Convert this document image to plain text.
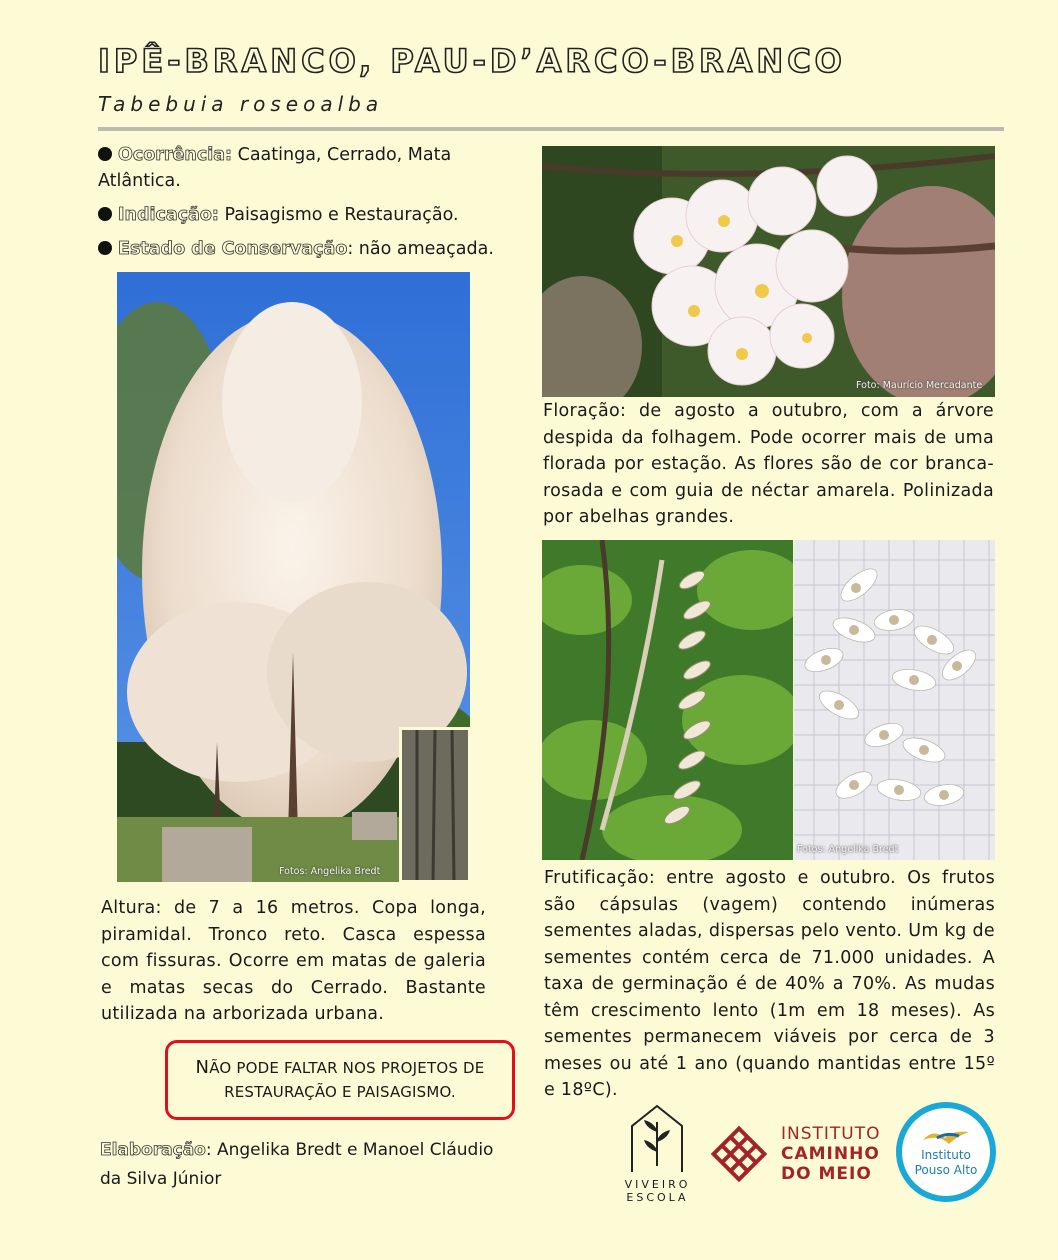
IPÊ-BRANCO, PAU-D’ARCO-BRANCO
Tabebuia roseoalba
Ocorrência: Caatinga, Cerrado, Mata Atlântica.
Indicação: Paisagismo e Restauração.
Estado de Conservação: não ameaçada.
Fotos: Angelika Bredt
Altura: de 7 a 16 metros. Copa longa, piramidal. Tronco reto. Casca espessa com fissuras. Ocorre em matas de galeria e matas secas do Cerrado. Bastante utilizada na arborizada urbana.
NÃO PODE FALTAR NOS PROJETOS DE
RESTAURAÇÃO E PAISAGISMO.
Elaboração: Angelika Bredt e Manoel Cláudio da Silva Júnior
Foto: Maurício Mercadante
Floração: de agosto a outubro, com a árvore despida da folhagem. Pode ocorrer mais de uma florada por estação. As flores são de cor branca-rosada e com guia de néctar amarela. Polinizada por abelhas grandes.
Fotos: Angelika Bredt
Frutificação: entre agosto e outubro. Os frutos são cápsulas (vagem) contendo inúmeras sementes aladas, dispersas pelo vento. Um kg de sementes contém cerca de 71.000 unidades. A taxa de germinação é de 40% a 70%. As mudas têm crescimento lento (1m em 18 meses). As sementes permanecem viáveis por cerca de 3 meses ou até 1 ano (quando mantidas entre 15º e 18ºC).
VIVEIRO
ESCOLA
INSTITUTO
CAMINHO
DO MEIO
Instituto
Pouso Alto
